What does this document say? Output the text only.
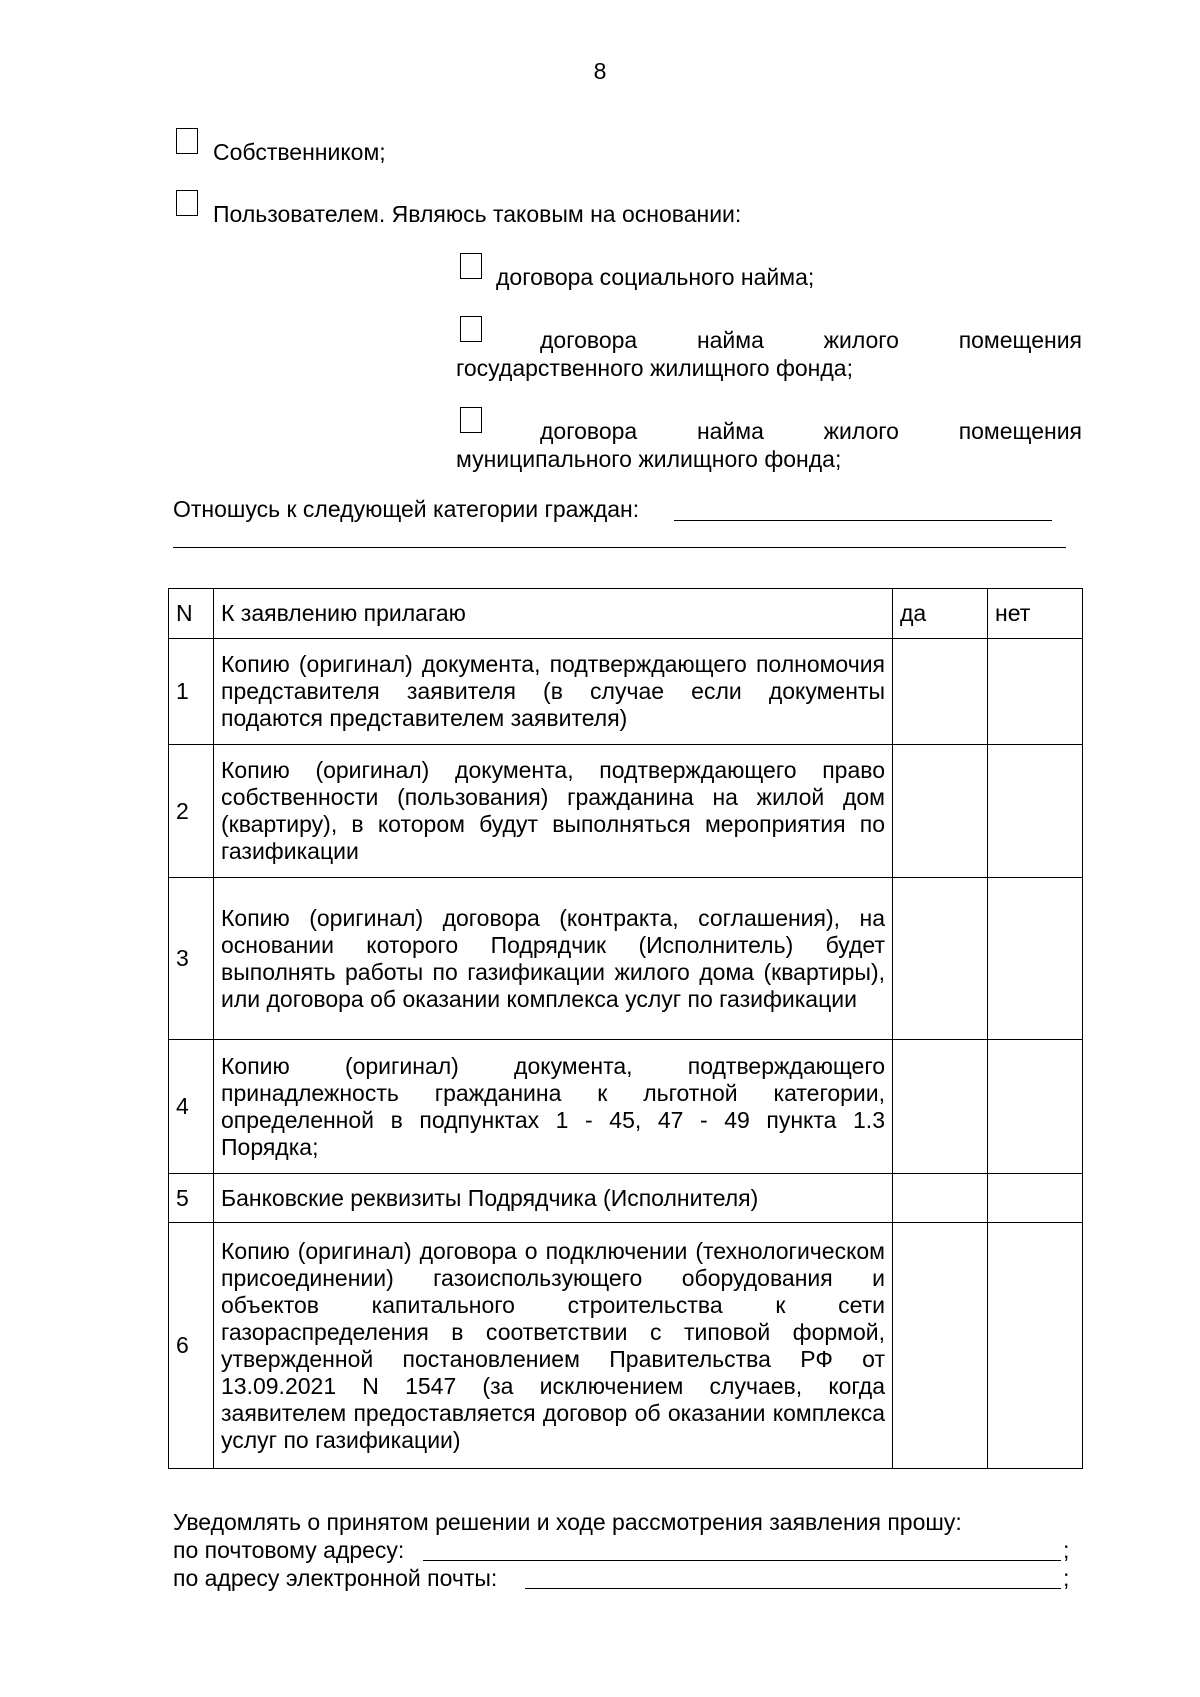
8
Собственником;
Пользователем. Являюсь таковым на основании:
договора социального найма;
договора	найма	жилого	помещения
государственного жилищного фонда;
договора	найма	жилого	помещения
муниципального жилищного фонда;
Отношусь к следующей категории граждан:
N	К заявлению прилагаю	да	нет
1	Копию (оригинал) документа, подтверждающего полномочия представителя заявителя (в случае если документы подаются представителем заявителя)		
2	Копию (оригинал) документа, подтверждающего право собственности (пользования) гражданина на жилой дом (квартиру), в котором будут выполняться мероприятия по газификации		
3	Копию (оригинал) договора (контракта, соглашения), на основании которого Подрядчик (Исполнитель) будет выполнять работы по газификации жилого дома (квартиры), или договора об оказании комплекса услуг по газификации		
4	Копию (оригинал) документа, подтверждающего принадлежность гражданина к льготной категории, определенной в подпунктах 1 - 45, 47 - 49 пункта 1.3 Порядка;		
5	Банковские реквизиты Подрядчика (Исполнителя)		
6	Копию (оригинал) договора о подключении (технологическом присоединении) газоиспользующего оборудования и объектов капитального строительства к сети газораспределения в соответствии с типовой формой, утвержденной постановлением Правительства РФ от 13.09.2021 N 1547 (за исключением случаев, когда заявителем предоставляется договор об оказании комплекса услуг по газификации)		
Уведомлять о принятом решении и ходе рассмотрения заявления прошу:
по почтовому адресу:	;
по адресу электронной почты:	;
